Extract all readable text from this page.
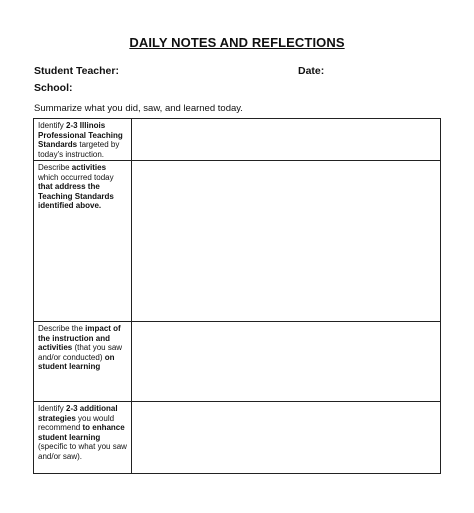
DAILY NOTES AND REFLECTIONS
Student Teacher:	Date:
School:
Summarize what you did, saw, and learned today.
Identify 2-3 Illinois Professional Teaching Standards targeted by today's instruction.	

Describe activities which occurred today that address the Teaching Standards identified above.	

Describe the impact of the instruction and activities (that you saw and/or conducted) on student learning	

Identify 2-3 additional strategies you would recommend to enhance student learning (specific to what you saw and/or saw).	
